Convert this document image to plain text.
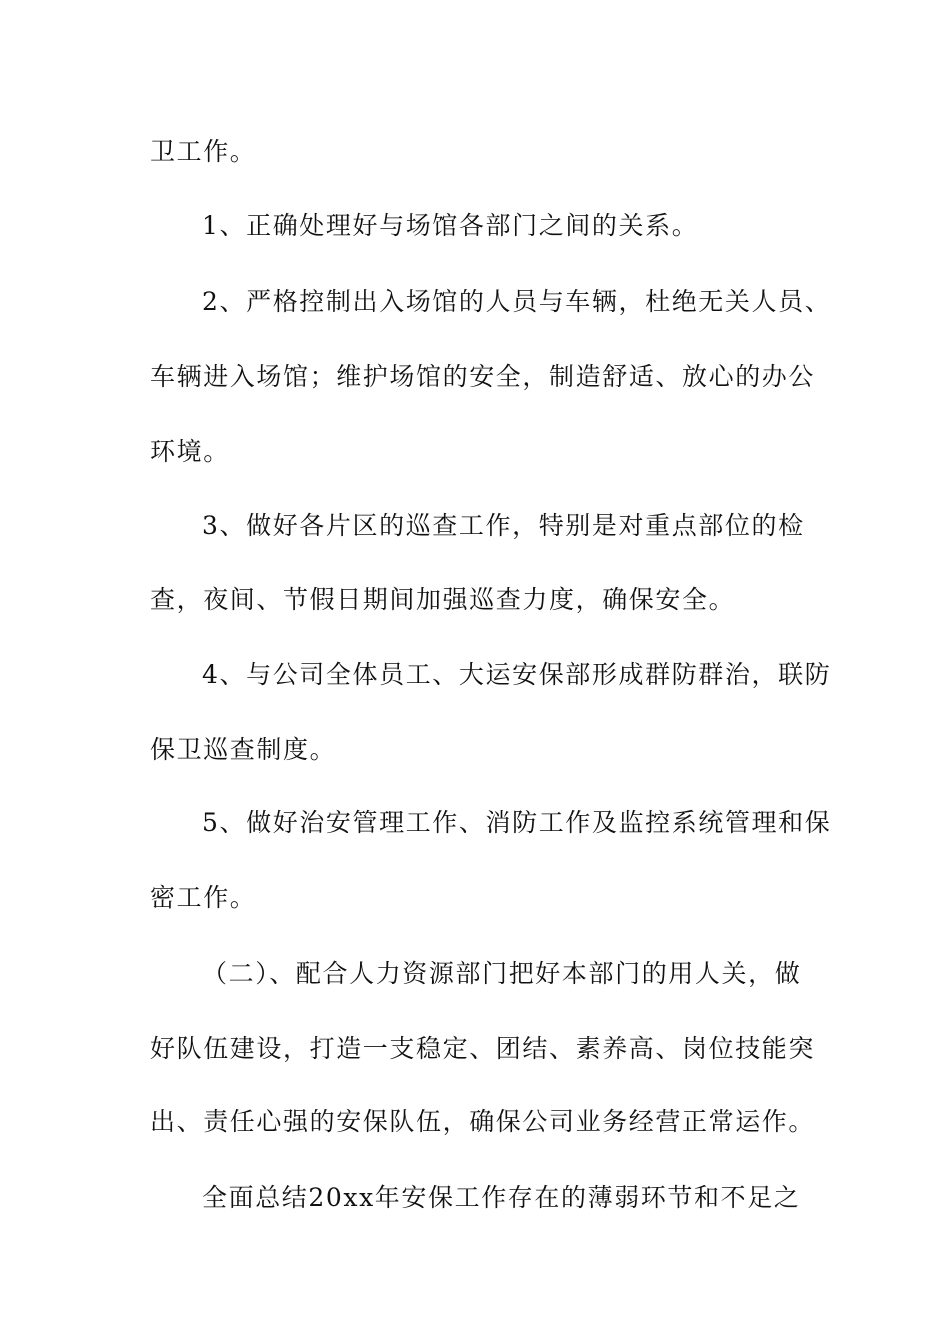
卫工作。
1、正确处理好与场馆各部门之间的关系。
2、严格控制出入场馆的人员与车辆，杜绝无关人员、
车辆进入场馆；维护场馆的安全，制造舒适、放心的办公
环境。
3、做好各片区的巡查工作，特别是对重点部位的检
查，夜间、节假日期间加强巡查力度，确保安全。
4、与公司全体员工、大运安保部形成群防群治，联防
保卫巡查制度。
5、做好治安管理工作、消防工作及监控系统管理和保
密工作。
（二）、配合人力资源部门把好本部门的用人关，做
好队伍建设，打造一支稳定、团结、素养高、岗位技能突
出、责任心强的安保队伍，确保公司业务经营正常运作。
全面总结20xx年安保工作存在的薄弱环节和不足之
